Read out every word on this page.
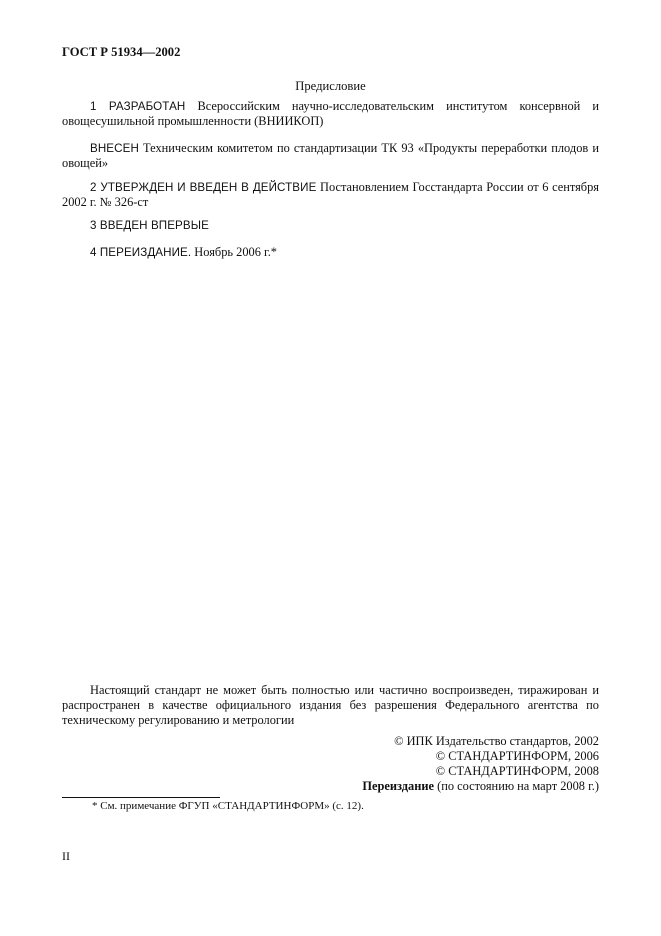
ГОСТ Р 51934—2002
Предисловие
1 РАЗРАБОТАН Всероссийским научно-исследовательским институтом консервной и овощесушильной промышленности (ВНИИКОП)
ВНЕСЕН Техническим комитетом по стандартизации ТК 93 «Продукты переработки плодов и овощей»
2 УТВЕРЖДЕН И ВВЕДЕН В ДЕЙСТВИЕ Постановлением Госстандарта России от 6 сентября 2002 г. № 326-ст
3 ВВЕДЕН ВПЕРВЫЕ
4 ПЕРЕИЗДАНИЕ. Ноябрь 2006 г.*
Настоящий стандарт не может быть полностью или частично воспроизведен, тиражирован и распространен в качестве официального издания без разрешения Федерального агентства по техническому регулированию и метрологии
© ИПК Издательство стандартов, 2002
© СТАНДАРТИНФОРМ, 2006
© СТАНДАРТИНФОРМ, 2008
Переиздание (по состоянию на март 2008 г.)
* См. примечание ФГУП «СТАНДАРТИНФОРМ» (с. 12).
II
